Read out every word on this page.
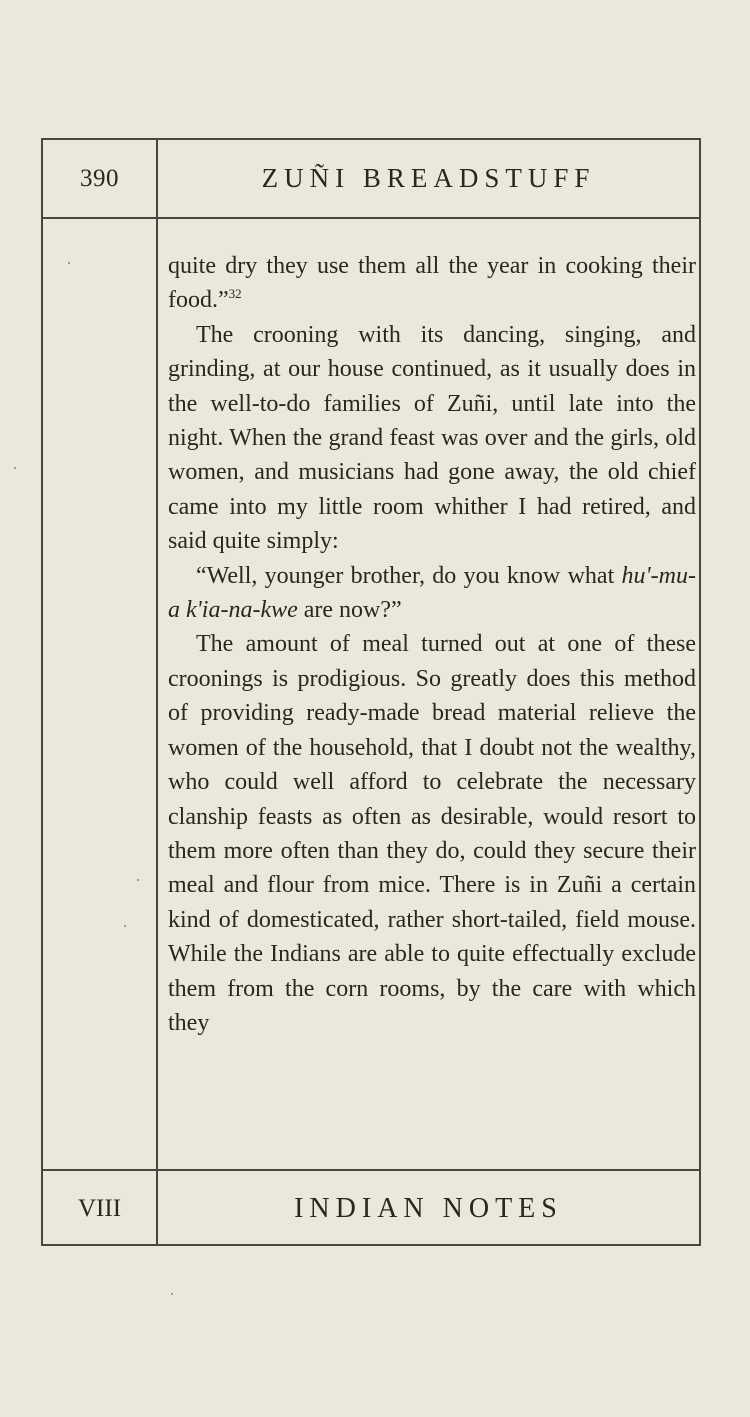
390	ZUÑI BREADSTUFF

quite dry they use them all the year in cooking their food.”$^{32}$

The crooning with its dancing, singing, and grinding, at our house continued, as it usually does in the well-to-do families of Zuñi, until late into the night. When the grand feast was over and the girls, old women, and musicians had gone away, the old chief came into my little room whither I had retired, and said quite simply:

“Well, younger brother, do you know what hu'-mu-a k'ia-na-kwe are now?”

The amount of meal turned out at one of these croonings is prodigious. So greatly does this method of providing ready-made bread material relieve the women of the household, that I doubt not the wealthy, who could well afford to celebrate the necessary clanship feasts as often as desirable, would resort to them more often than they do, could they secure their meal and flour from mice. There is in Zuñi a certain kind of domesticated, rather short-tailed, field mouse. While the Indians are able to quite effectually exclude them from the corn rooms, by the care with which they

VIII	INDIAN NOTES
